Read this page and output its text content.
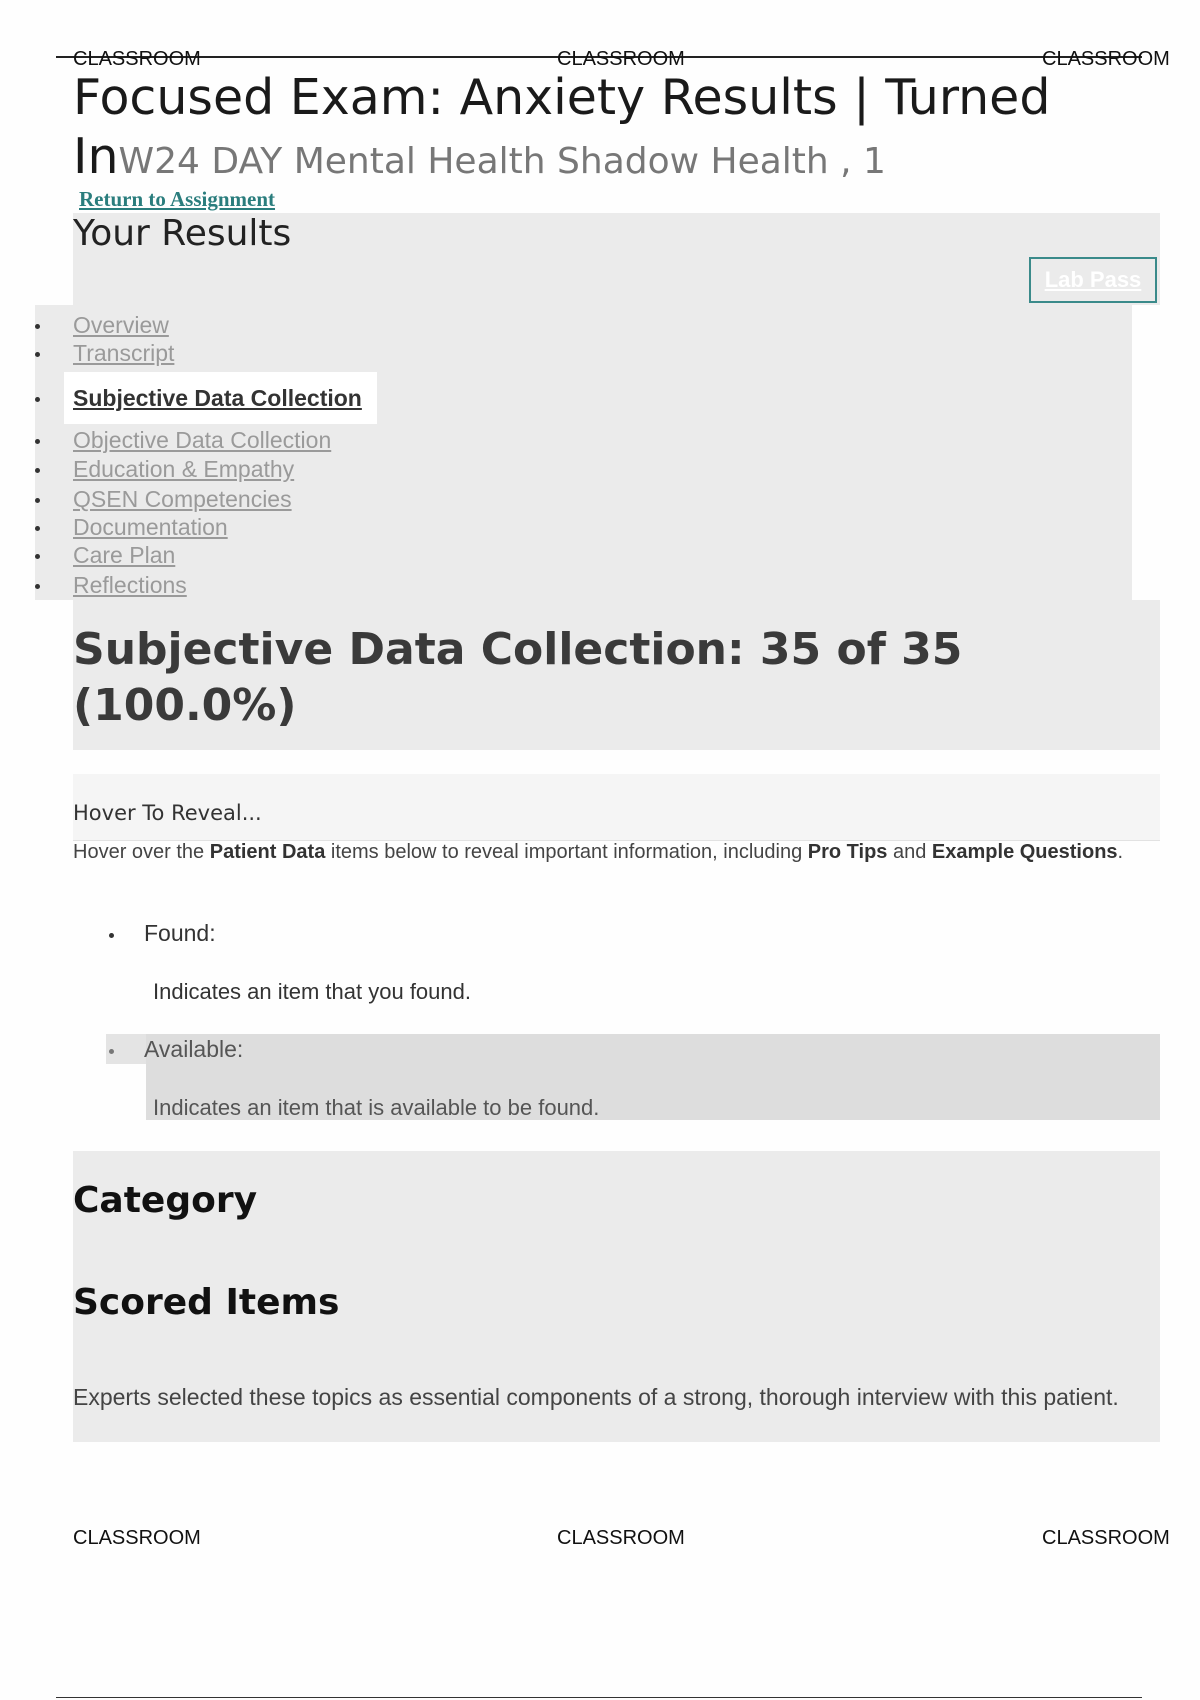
CLASSROOM	CLASSROOM	CLASSROOM
Focused Exam: Anxiety Results | Turned InW24 DAY Mental Health Shadow Health , 1
Return to Assignment
Your Results
Lab Pass
Overview
Transcript
Subjective Data Collection
Objective Data Collection
Education & Empathy
QSEN Competencies
Documentation
Care Plan
Reflections
Subjective Data Collection: 35 of 35 (100.0%)
Hover To Reveal...
Hover over the Patient Data items below to reveal important information, including Pro Tips and Example Questions.
Found:
Indicates an item that you found.
Available:
Indicates an item that is available to be found.
Category
Scored Items
Experts selected these topics as essential components of a strong, thorough interview with this patient.
CLASSROOM	CLASSROOM	CLASSROOM
